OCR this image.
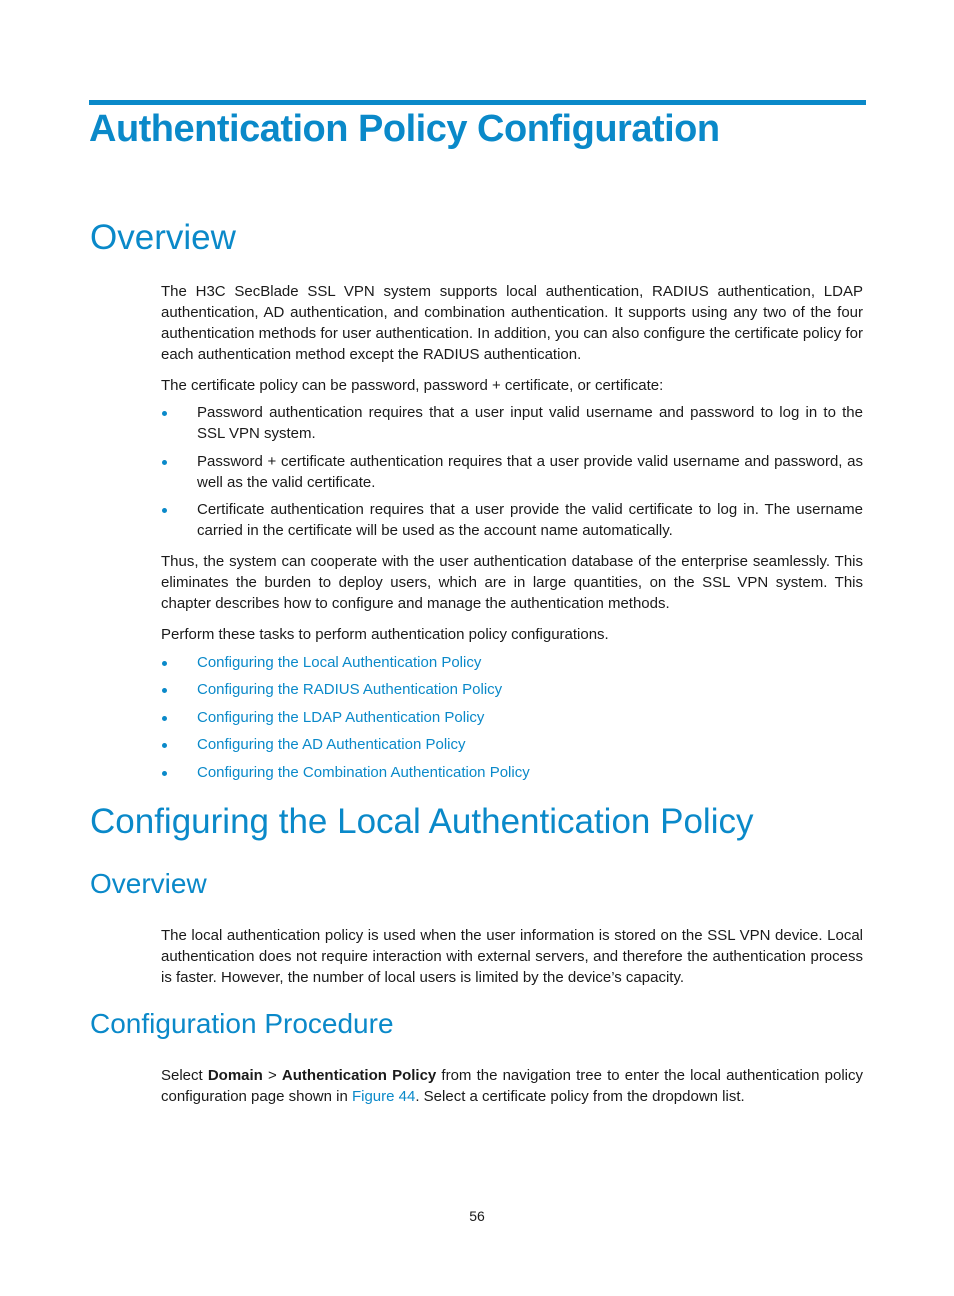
Authentication Policy Configuration
Overview

The H3C SecBlade SSL VPN system supports local authentication, RADIUS authentication, LDAP authentication, AD authentication, and combination authentication. It supports using any two of the four authentication methods for user authentication. In addition, you can also configure the certificate policy for each authentication method except the RADIUS authentication.

The certificate policy can be password, password + certificate, or certificate:

Password authentication requires that a user input valid username and password to log in to the SSL VPN system.
Password + certificate authentication requires that a user provide valid username and password, as well as the valid certificate.
Certificate authentication requires that a user provide the valid certificate to log in. The username carried in the certificate will be used as the account name automatically.

Thus, the system can cooperate with the user authentication database of the enterprise seamlessly. This eliminates the burden to deploy users, which are in large quantities, on the SSL VPN system. This chapter describes how to configure and manage the authentication methods.

Perform these tasks to perform authentication policy configurations.

Configuring the Local Authentication Policy
Configuring the RADIUS Authentication Policy
Configuring the LDAP Authentication Policy
Configuring the AD Authentication Policy
Configuring the Combination Authentication Policy
Configuring the Local Authentication Policy
Overview

The local authentication policy is used when the user information is stored on the SSL VPN device. Local authentication does not require interaction with external servers, and therefore the authentication process is faster. However, the number of local users is limited by the device’s capacity.

Configuration Procedure

Select Domain > Authentication Policy from the navigation tree to enter the local authentication policy configuration page shown in Figure 44. Select a certificate policy from the dropdown list.

56
